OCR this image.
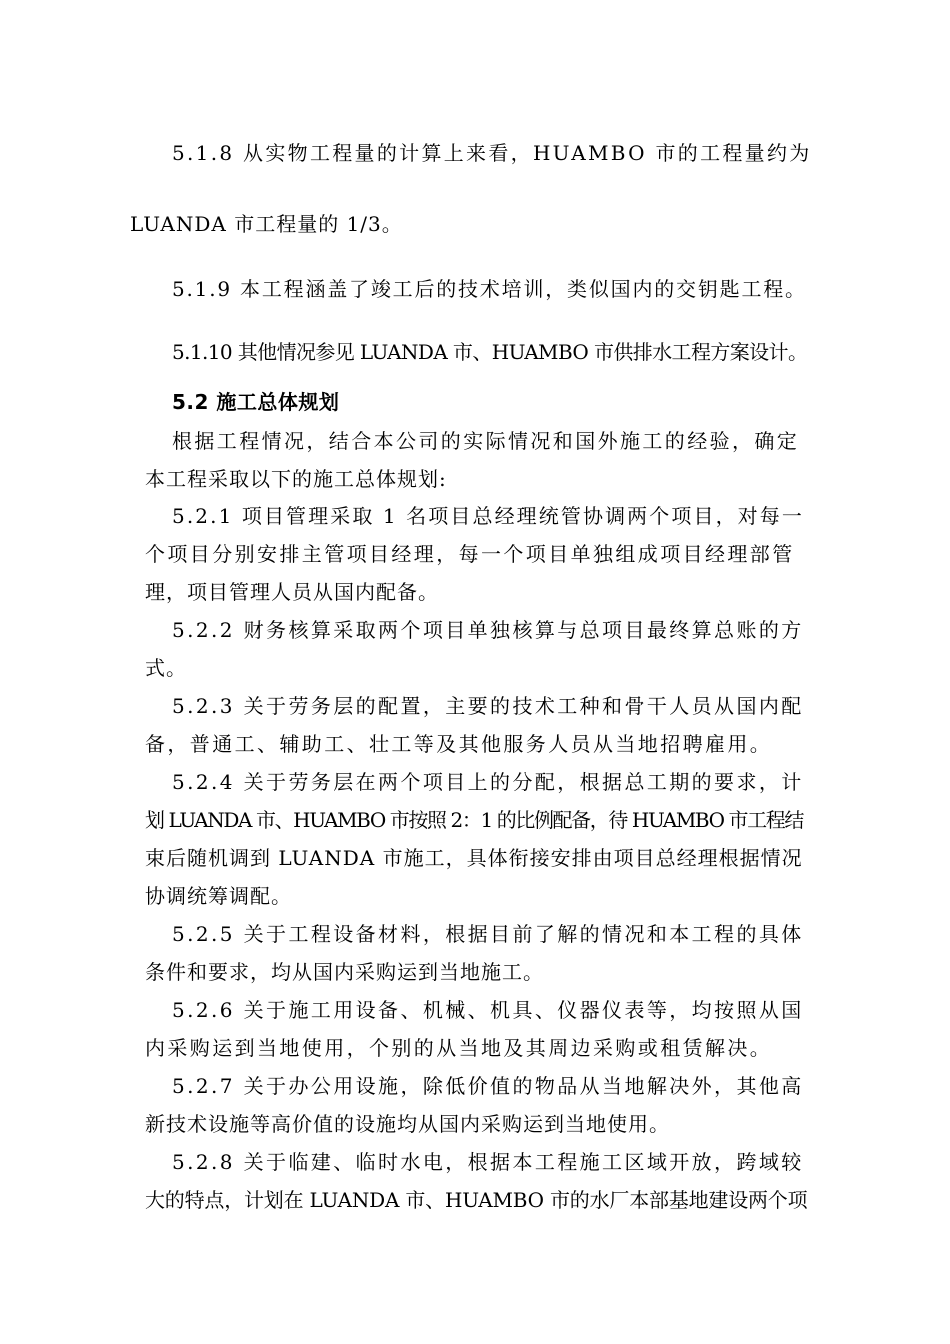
5.1.8 从实物工程量的计算上来看，HUAMBO 市的工程量约为
LUANDA 市工程量的 1/3。
5.1.9 本工程涵盖了竣工后的技术培训，类似国内的交钥匙工程。
5.1.10 其他情况参见 LUANDA 市、HUAMBO 市供排水工程方案设计。
5.2 施工总体规划
根据工程情况，结合本公司的实际情况和国外施工的经验，确定
本工程采取以下的施工总体规划:
5.2.1 项目管理采取 1 名项目总经理统管协调两个项目，对每一
个项目分别安排主管项目经理，每一个项目单独组成项目经理部管
理，项目管理人员从国内配备。
5.2.2 财务核算采取两个项目单独核算与总项目最终算总账的方
式。
5.2.3 关于劳务层的配置，主要的技术工种和骨干人员从国内配
备，普通工、辅助工、壮工等及其他服务人员从当地招聘雇用。
5.2.4 关于劳务层在两个项目上的分配，根据总工期的要求，计
划 LUANDA 市、HUAMBO 市按照 2：1 的比例配备，待 HUAMBO 市工程结
束后随机调到 LUANDA 市施工，具体衔接安排由项目总经理根据情况
协调统筹调配。
5.2.5 关于工程设备材料，根据目前了解的情况和本工程的具体
条件和要求，均从国内采购运到当地施工。
5.2.6 关于施工用设备、机械、机具、仪器仪表等，均按照从国
内采购运到当地使用，个别的从当地及其周边采购或租赁解决。
5.2.7 关于办公用设施，除低价值的物品从当地解决外，其他高
新技术设施等高价值的设施均从国内采购运到当地使用。
5.2.8 关于临建、临时水电，根据本工程施工区域开放，跨域较
大的特点，计划在 LUANDA 市、HUAMBO 市的水厂本部基地建设两个项
